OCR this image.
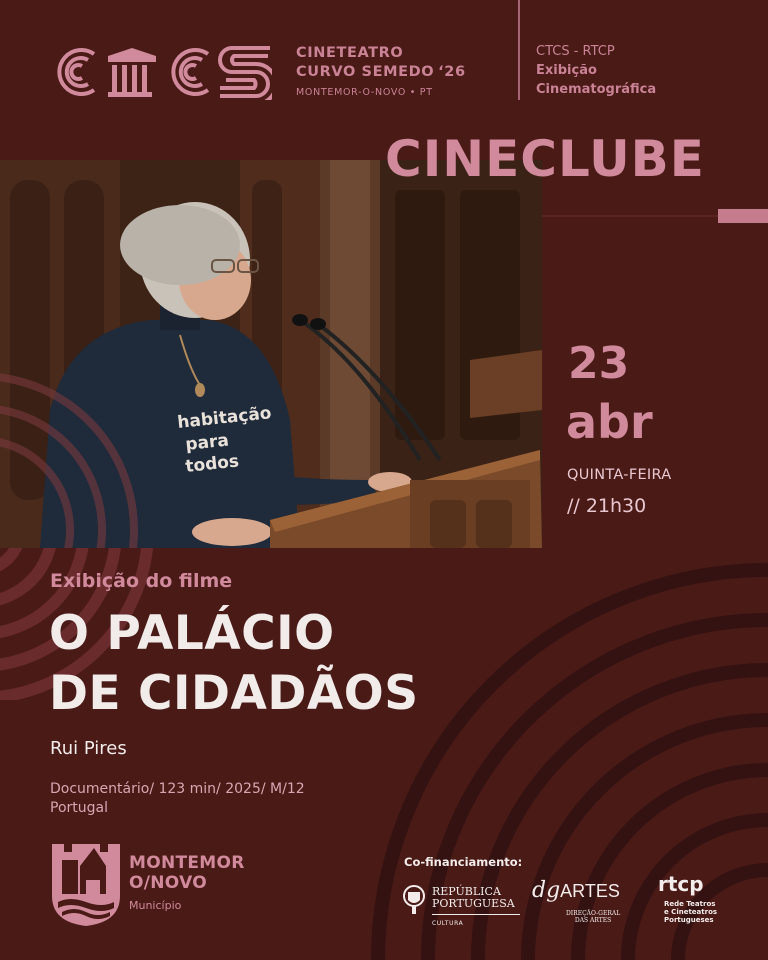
CINETEATRO
CURVO SEMEDO ‘26
MONTEMOR-O-NOVO • PT
CTCS - RTCP
Exibição
Cinematográfica
habitação
para
todos
CINECLUBE
23
abr
QUINTA-FEIRA
// 21h30
Exibição do filme
O PALÁCIO
DE CIDADÃOS
Rui Pires
Documentário/ 123 min/ 2025/ M/12
Portugal
MONTEMOR
O/NOVO
Município
Co-financiamento:
REPÚBLICA
PORTUGUESA
CULTURA
dgARTES
DIREÇÃO-GERAL
DAS ARTES
rtcp
Rede Teatros
e Cineteatros
Portugueses
